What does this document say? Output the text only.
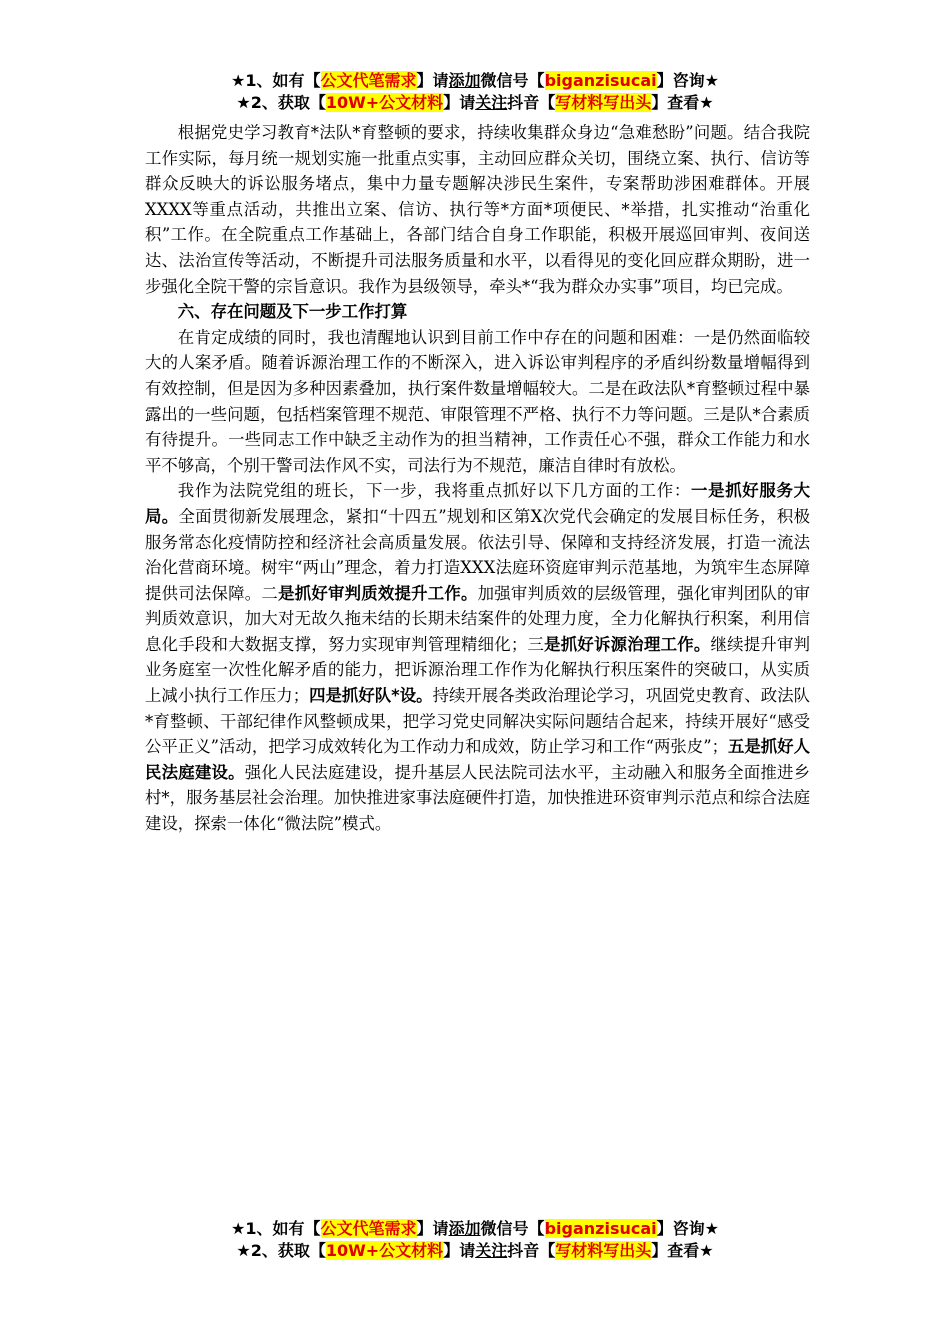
★1、如有【公文代笔需求】请添加微信号【biganzisucai】咨询★
★2、获取【10W+公文材料】请关注抖音【写材料写出头】查看★

根据党史学习教育*法队*育整顿的要求，持续收集群众身边“急难愁盼”问题。结合我院工作实际，每月统一规划实施一批重点实事，主动回应群众关切，围绕立案、执行、信访等群众反映大的诉讼服务堵点，集中力量专题解决涉民生案件，专案帮助涉困难群体。开展XXXX等重点活动，共推出立案、信访、执行等*方面*项便民、*举措，扎实推动“治重化积”工作。在全院重点工作基础上，各部门结合自身工作职能，积极开展巡回审判、夜间送达、法治宣传等活动，不断提升司法服务质量和水平，以看得见的变化回应群众期盼，进一步强化全院干警的宗旨意识。我作为县级领导，牵头*“我为群众办实事”项目，均已完成。

六、存在问题及下一步工作打算

在肯定成绩的同时，我也清醒地认识到目前工作中存在的问题和困难：一是仍然面临较大的人案矛盾。随着诉源治理工作的不断深入，进入诉讼审判程序的矛盾纠纷数量增幅得到有效控制，但是因为多种因素叠加，执行案件数量增幅较大。二是在政法队*育整顿过程中暴露出的一些问题，包括档案管理不规范、审限管理不严格、执行不力等问题。三是队*合素质有待提升。一些同志工作中缺乏主动作为的担当精神，工作责任心不强，群众工作能力和水平不够高，个别干警司法作风不实，司法行为不规范，廉洁自律时有放松。

我作为法院党组的班长，下一步，我将重点抓好以下几方面的工作：一是抓好服务大局。全面贯彻新发展理念，紧扣“十四五”规划和区第X次党代会确定的发展目标任务，积极服务常态化疫情防控和经济社会高质量发展。依法引导、保障和支持经济发展，打造一流法治化营商环境。树牢“两山”理念，着力打造XXX法庭环资庭审判示范基地，为筑牢生态屏障提供司法保障。二是抓好审判质效提升工作。加强审判质效的层级管理，强化审判团队的审判质效意识，加大对无故久拖未结的长期未结案件的处理力度，全力化解执行积案，利用信息化手段和大数据支撑，努力实现审判管理精细化；三是抓好诉源治理工作。继续提升审判业务庭室一次性化解矛盾的能力，把诉源治理工作作为化解执行积压案件的突破口，从实质上减小执行工作压力；四是抓好队*设。持续开展各类政治理论学习，巩固党史教育、政法队*育整顿、干部纪律作风整顿成果，把学习党史同解决实际问题结合起来，持续开展好“感受公平正义”活动，把学习成效转化为工作动力和成效，防止学习和工作“两张皮”；五是抓好人民法庭建设。强化人民法庭建设，提升基层人民法院司法水平，主动融入和服务全面推进乡村*，服务基层社会治理。加快推进家事法庭硬件打造，加快推进环资审判示范点和综合法庭建设，探索一体化“微法院”模式。

★1、如有【公文代笔需求】请添加微信号【biganzisucai】咨询★
★2、获取【10W+公文材料】请关注抖音【写材料写出头】查看★
